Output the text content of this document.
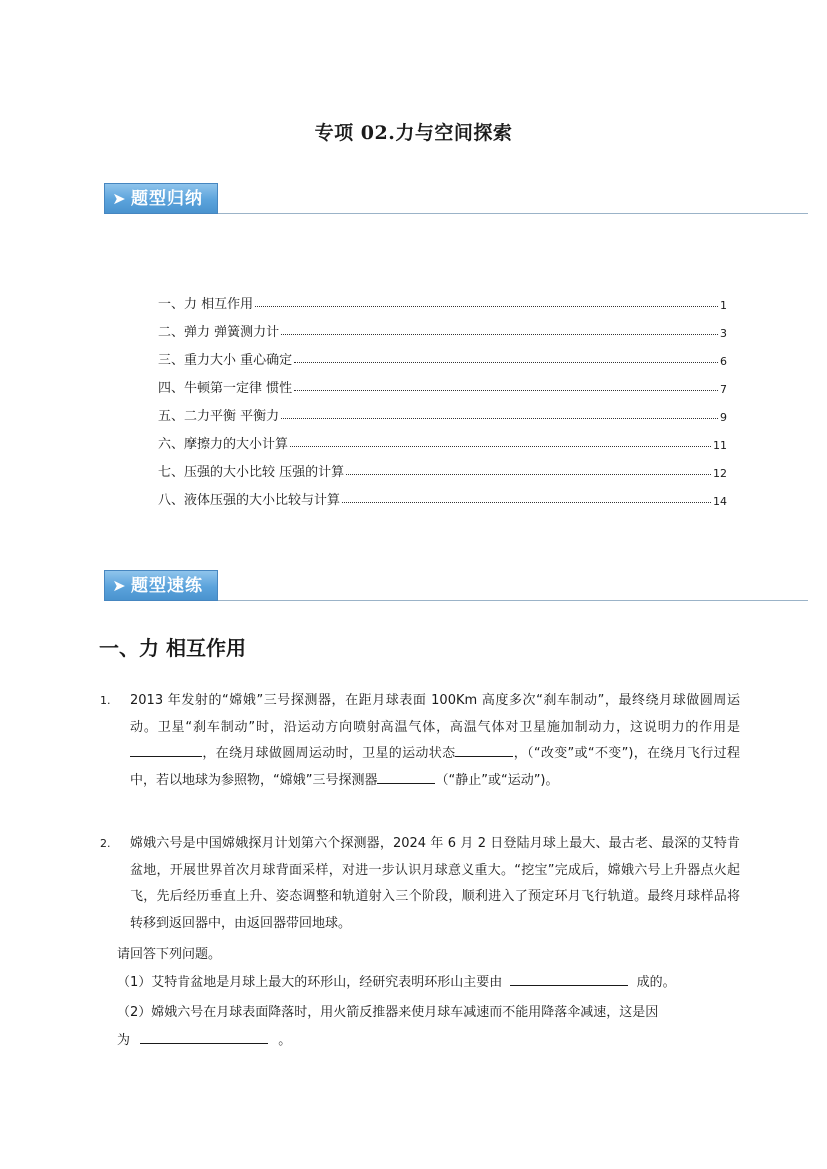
专项 02.力与空间探索
➤ 题型归纳
一、力 相互作用	1
二、弹力 弹簧测力计	3
三、重力大小 重心确定	6
四、牛顿第一定律 惯性	7
五、二力平衡 平衡力	9
六、摩擦力的大小计算	11
七、压强的大小比较 压强的计算	12
八、液体压强的大小比较与计算	14
➤ 题型速练
一、力 相互作用
1. 2013 年发射的“嫦娥”三号探测器，在距月球表面 100Km 高度多次“刹车制动”，最终绕月球做圆周运动。卫星“刹车制动”时，沿运动方向喷射高温气体，高温气体对卫星施加制动力，这说明力的作用是，在绕月球做圆周运动时，卫星的运动状态	，（“改变”或“不变”)，在绕月飞行过程中，若以地球为参照物，“嫦娥”三号探测器	（“静止”或“运动”)。
2. 嫦娥六号是中国嫦娥探月计划第六个探测器，2024 年 6 月 2 日登陆月球上最大、最古老、最深的艾特肯盆地，开展世界首次月球背面采样，对进一步认识月球意义重大。“挖宝”完成后，嫦娥六号上升器点火起飞，先后经历垂直上升、姿态调整和轨道射入三个阶段，顺利进入了预定环月飞行轨道。最终月球样品将转移到返回器中，由返回器带回地球。
请回答下列问题。
（1）艾特肯盆地是月球上最大的环形山，经研究表明环形山主要由	成的。
（2）嫦娥六号在月球表面降落时，用火箭反推器来使月球车减速而不能用降落伞减速，这是因
为	。
